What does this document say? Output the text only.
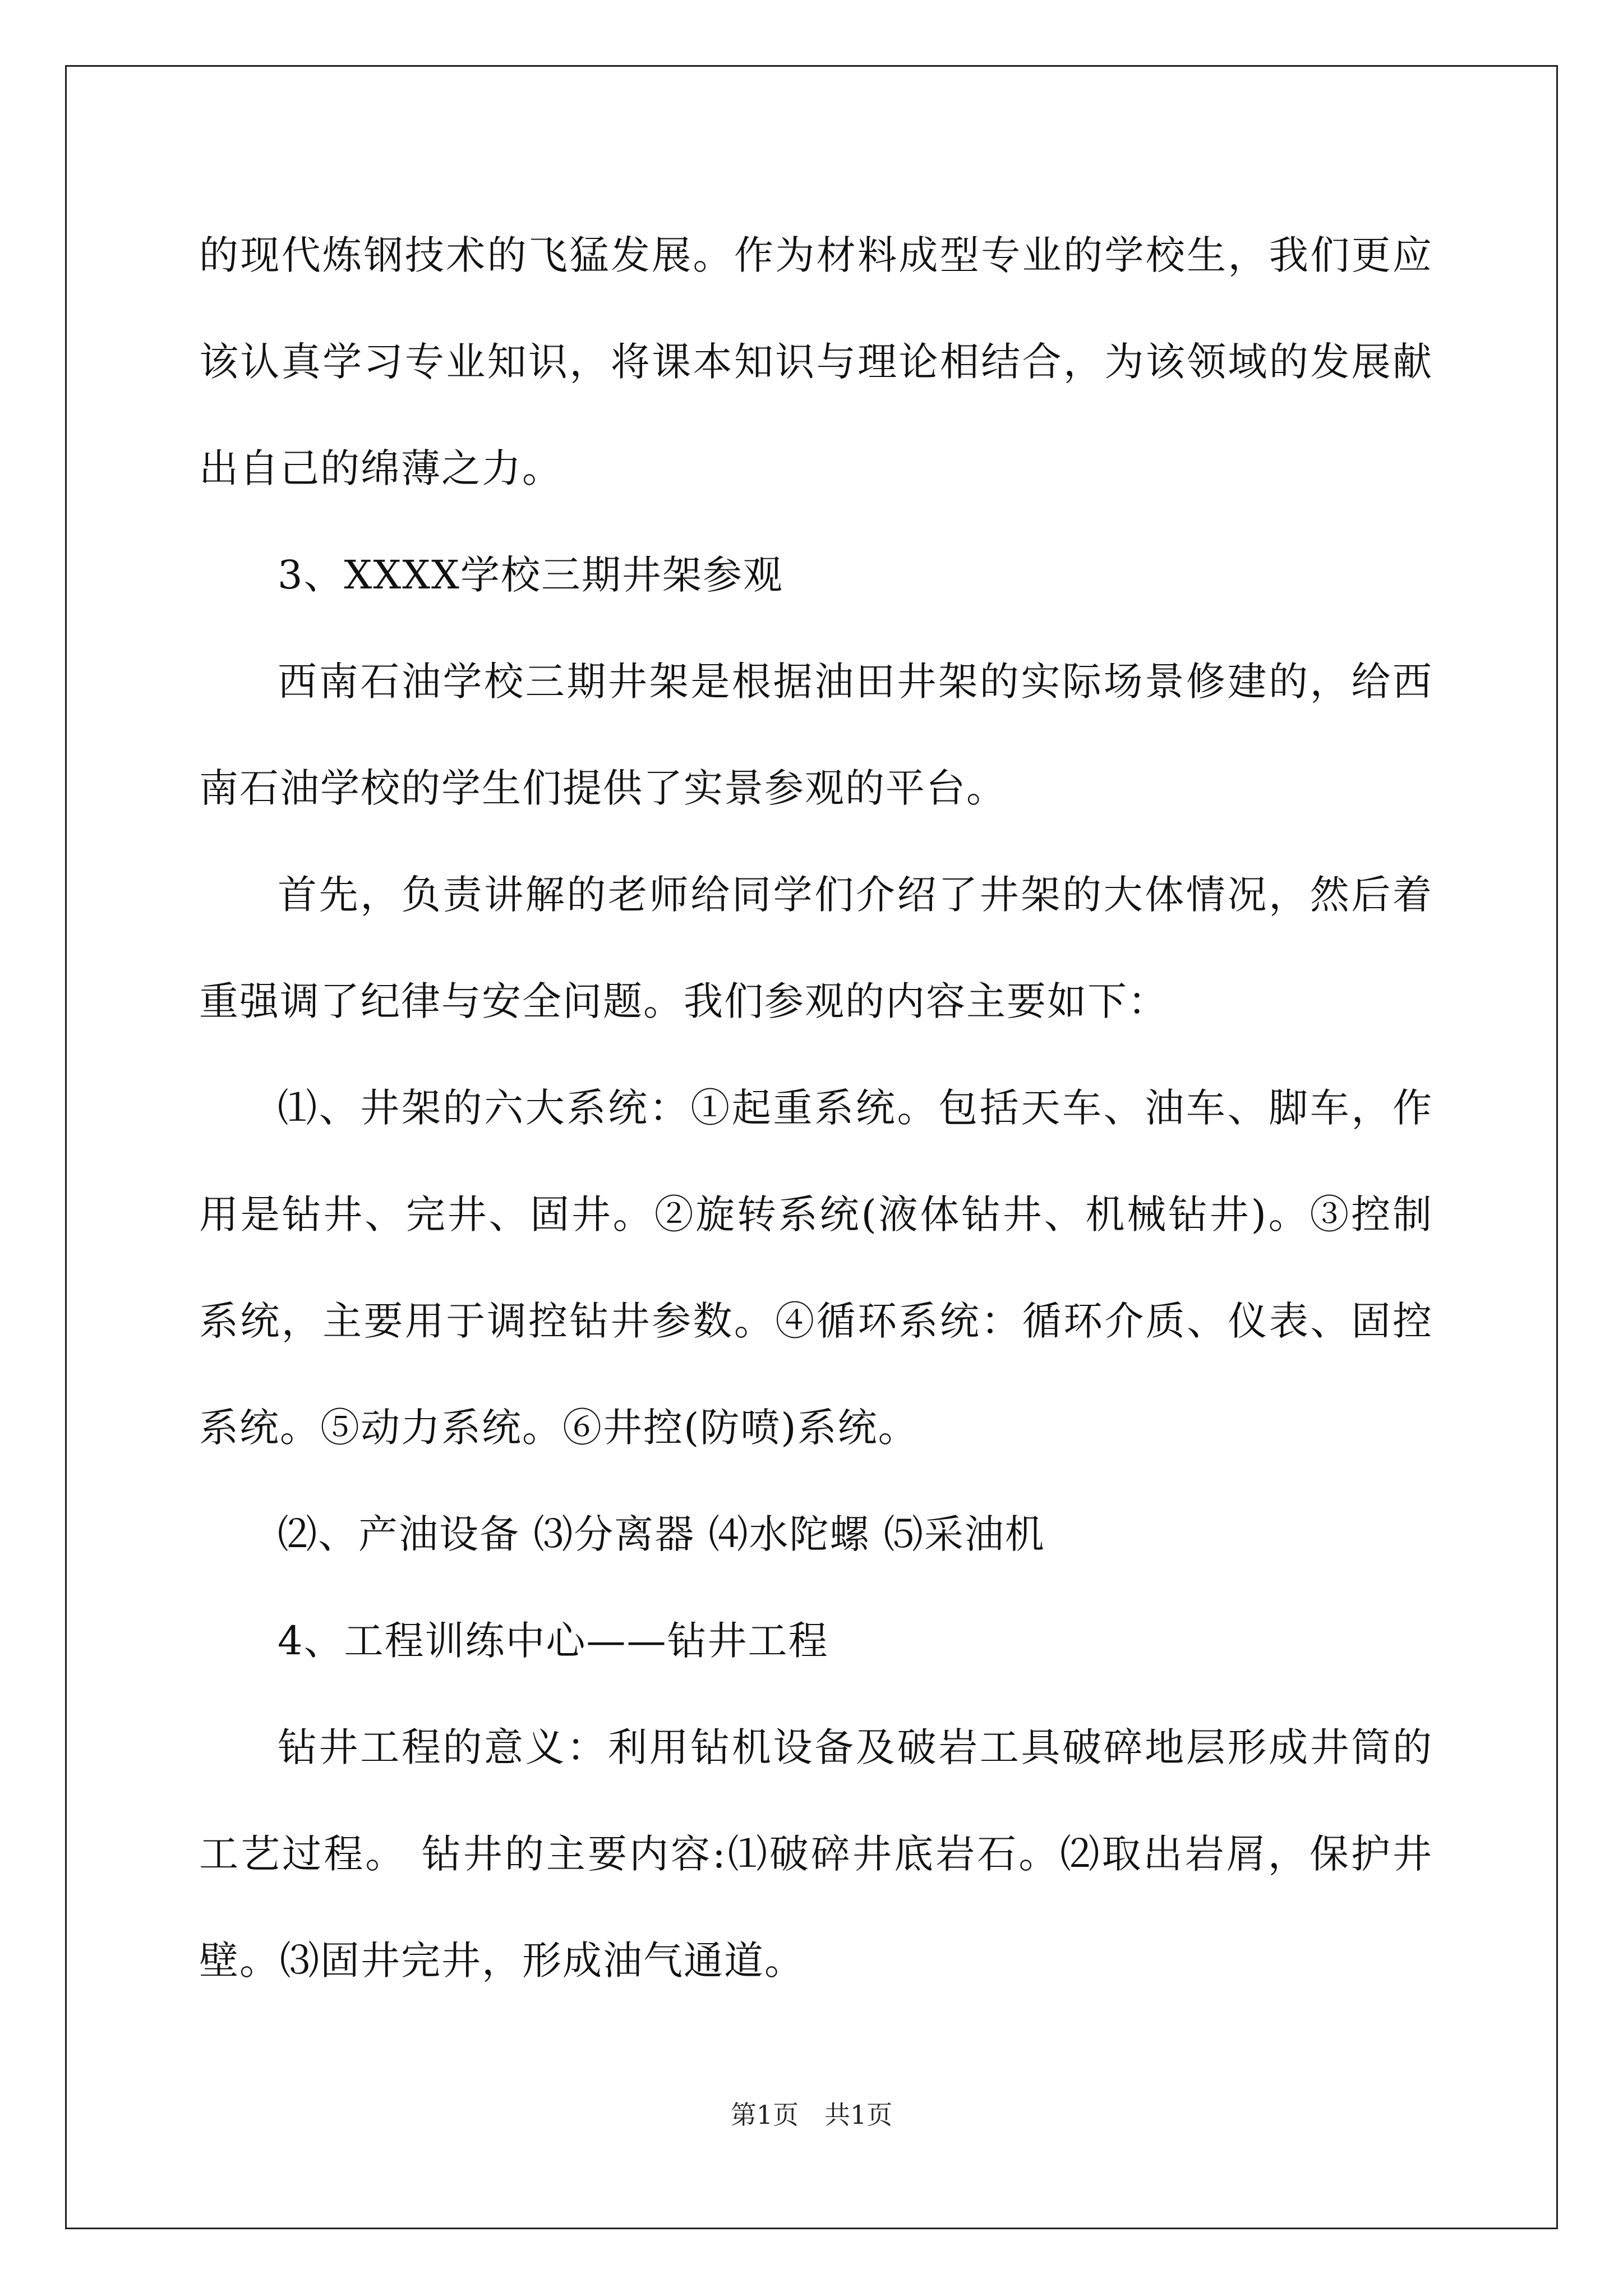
的现代炼钢技术的飞猛发展。作为材料成型专业的学校生，我们更应该认真学习专业知识，将课本知识与理论相结合，为该领域的发展献出自己的绵薄之力。

3、XXXX学校三期井架参观

西南石油学校三期井架是根据油田井架的实际场景修建的，给西南石油学校的学生们提供了实景参观的平台。

首先，负责讲解的老师给同学们介绍了井架的大体情况，然后着重强调了纪律与安全问题。我们参观的内容主要如下：

⑴、井架的六大系统：①起重系统。包括天车、油车、脚车，作用是钻井、完井、固井。②旋转系统(液体钻井、机械钻井)。③控制系统，主要用于调控钻井参数。④循环系统：循环介质、仪表、固控系统。⑤动力系统。⑥井控(防喷)系统。

⑵、产油设备 ⑶分离器 ⑷水陀螺 ⑸采油机

4、工程训练中心——钻井工程

钻井工程的意义：利用钻机设备及破岩工具破碎地层形成井筒的工艺过程。 钻井的主要内容:⑴破碎井底岩石。⑵取出岩屑，保护井壁。⑶固井完井，形成油气通道。

第1页　共1页
